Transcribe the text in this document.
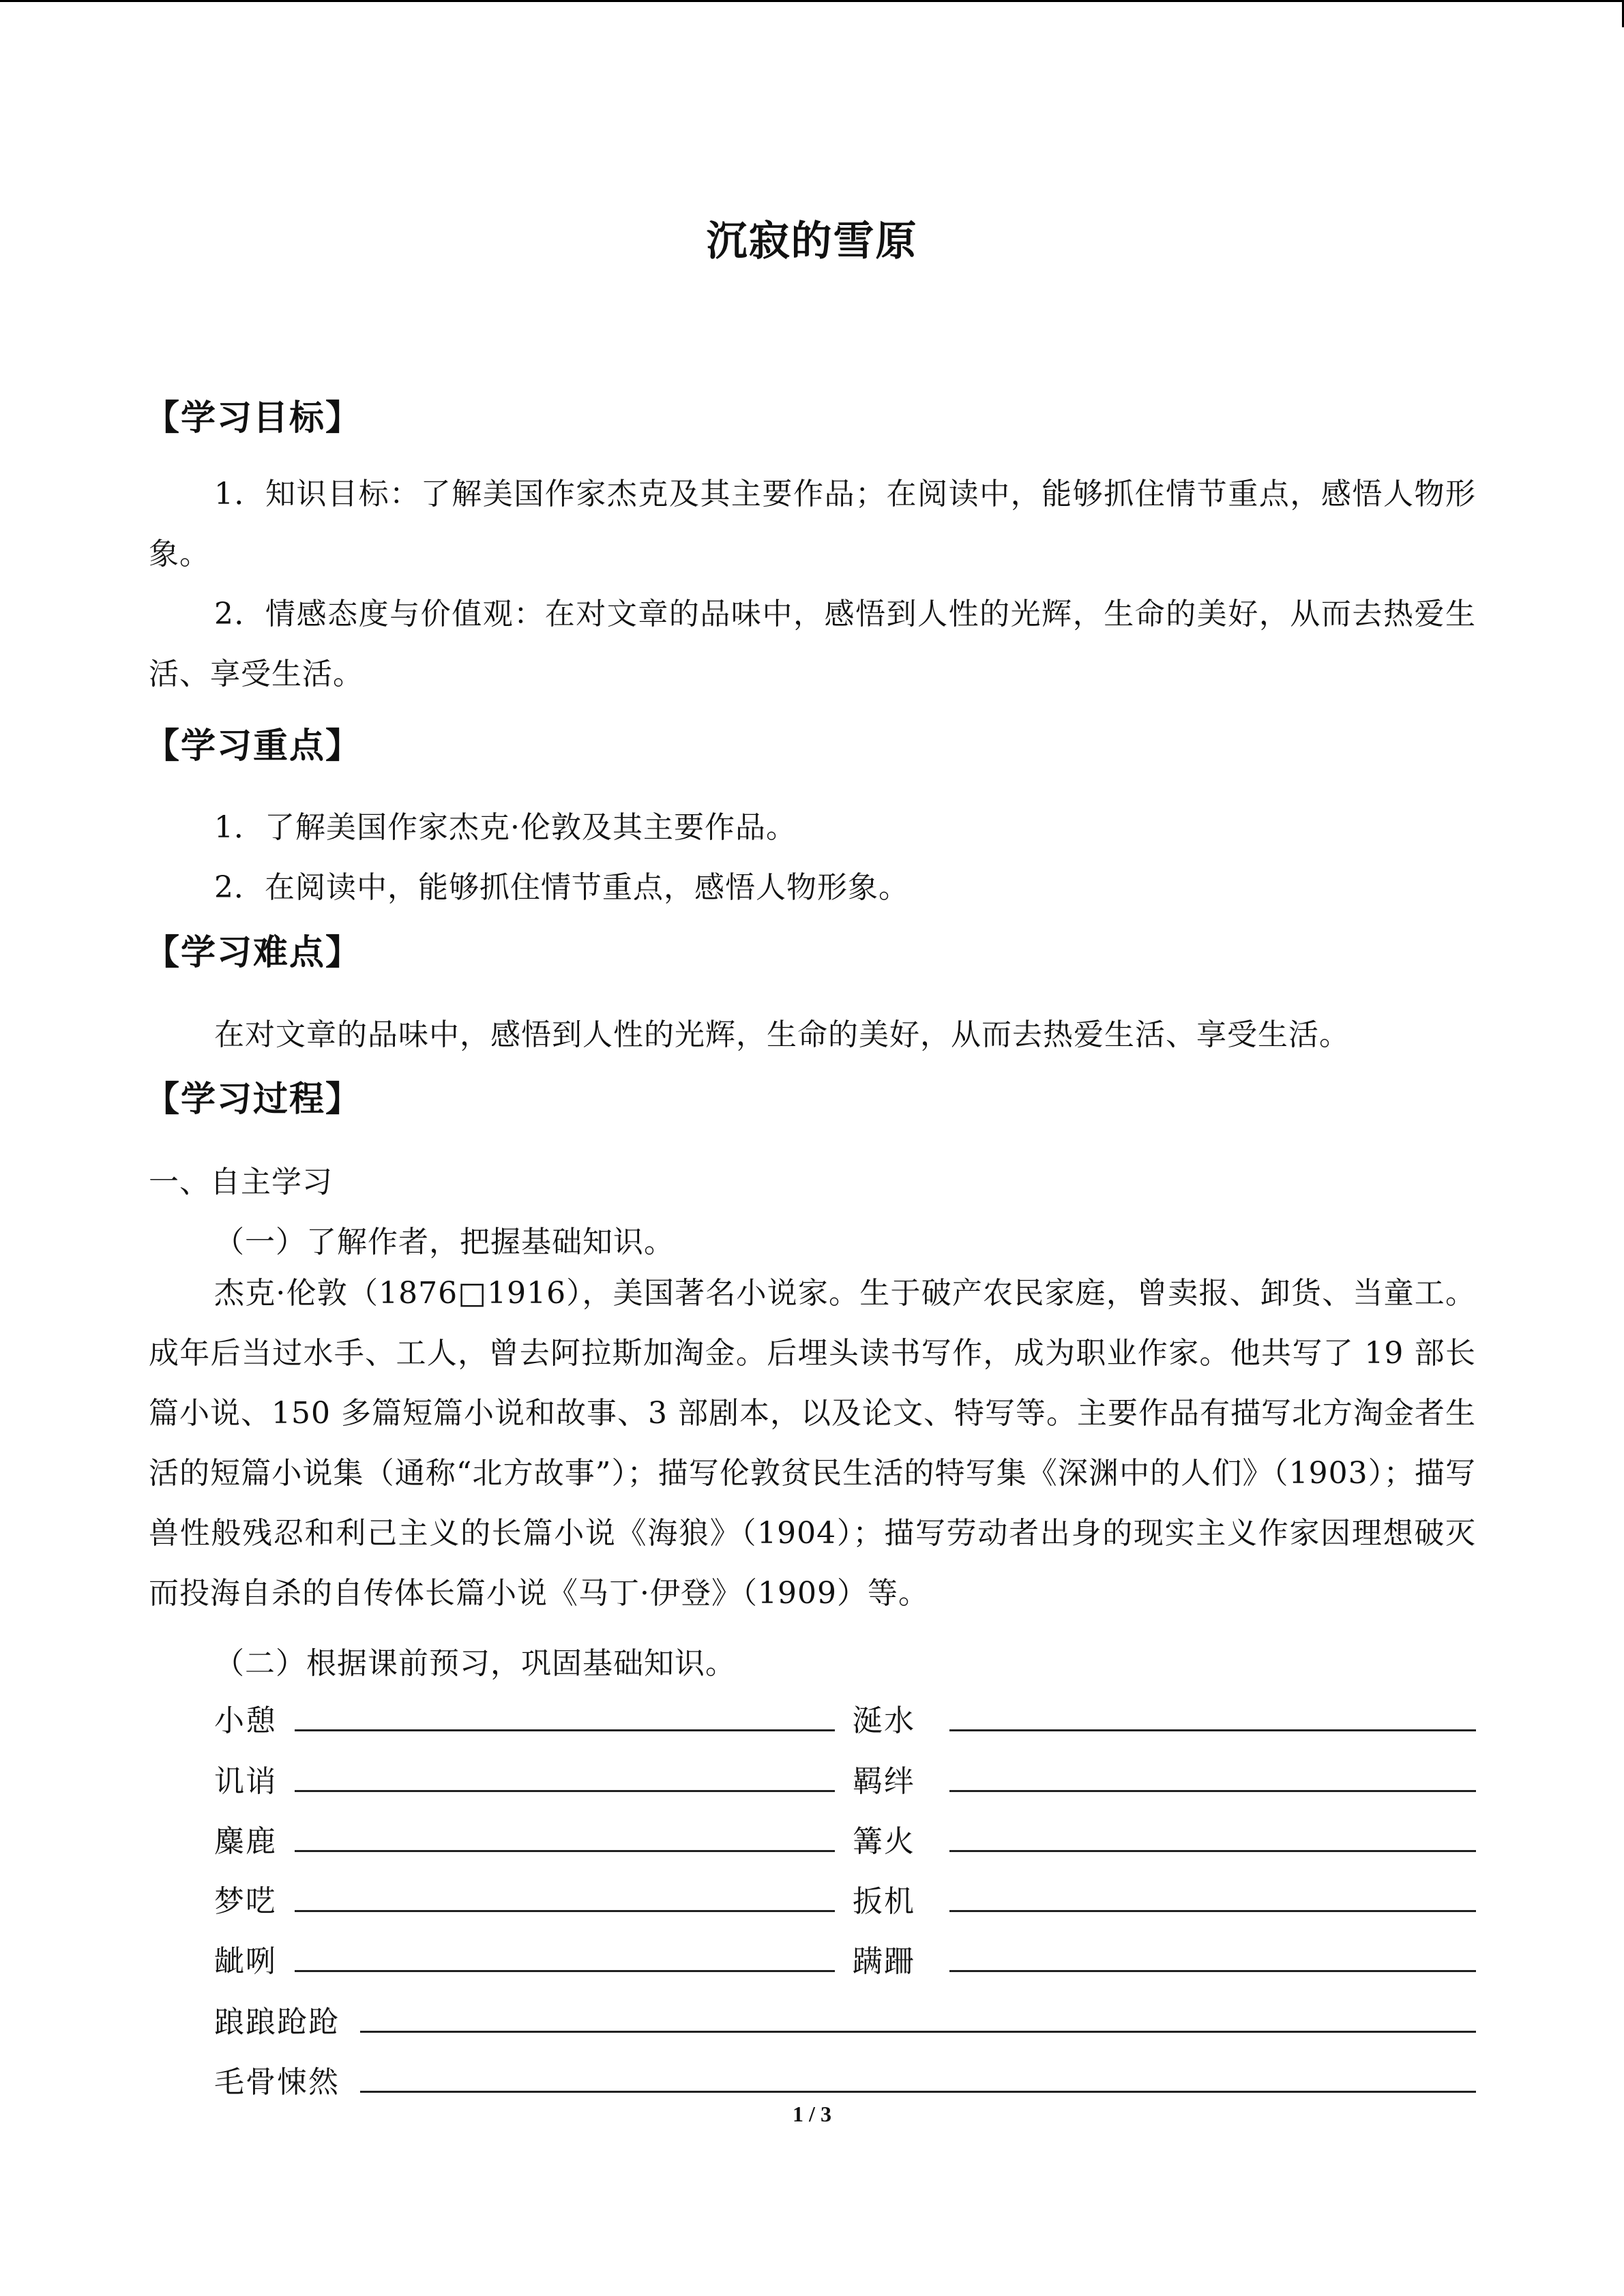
沉寂的雪原
【学习目标】
1．知识目标：了解美国作家杰克及其主要作品；在阅读中，能够抓住情节重点，感悟人物形象。
2．情感态度与价值观：在对文章的品味中，感悟到人性的光辉，生命的美好，从而去热爱生活、享受生活。
【学习重点】
1．了解美国作家杰克·伦敦及其主要作品。
2．在阅读中，能够抓住情节重点，感悟人物形象。
【学习难点】
在对文章的品味中，感悟到人性的光辉，生命的美好，从而去热爱生活、享受生活。
【学习过程】
一、自主学习
（一）了解作者，把握基础知识。
杰克·伦敦（1876□1916），美国著名小说家。生于破产农民家庭，曾卖报、卸货、当童工。成年后当过水手、工人，曾去阿拉斯加淘金。后埋头读书写作，成为职业作家。他共写了 19 部长篇小说、150 多篇短篇小说和故事、3 部剧本，以及论文、特写等。主要作品有描写北方淘金者生活的短篇小说集（通称“北方故事”）；描写伦敦贫民生活的特写集《深渊中的人们》（1903）；描写兽性般残忍和利己主义的长篇小说《海狼》（1904）；描写劳动者出身的现实主义作家因理想破灭而投海自杀的自传体长篇小说《马丁·伊登》（1909）等。
（二）根据课前预习，巩固基础知识。
小憩	涎水
讥诮	羁绊
麋鹿	篝火
梦呓	扳机
龇咧	蹒跚
踉踉跄跄
毛骨悚然
1 / 3
